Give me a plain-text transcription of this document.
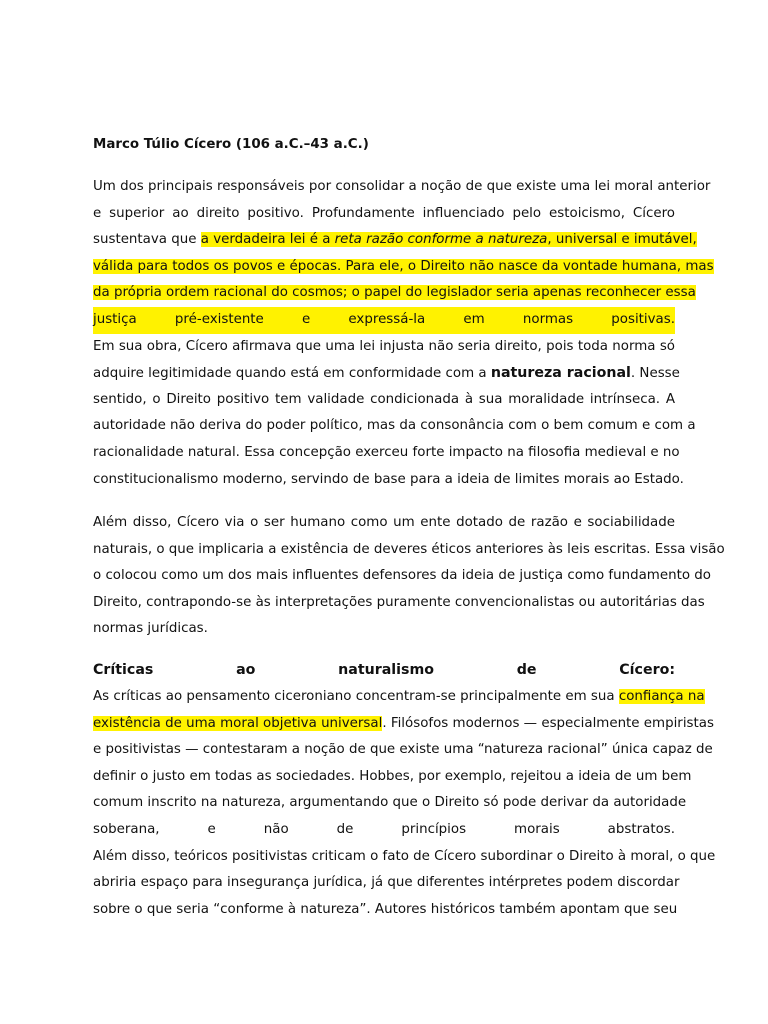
Marco Túlio Cícero (106 a.C.–43 a.C.)
Um dos principais responsáveis por consolidar a noção de que existe uma lei moral anterior
e superior ao direito positivo. Profundamente influenciado pelo estoicismo, Cícero
sustentava que a verdadeira lei é a reta razão conforme a natureza, universal e imutável,
válida para todos os povos e épocas. Para ele, o Direito não nasce da vontade humana, mas
da própria ordem racional do cosmos; o papel do legislador seria apenas reconhecer essa
justiça pré-existente e expressá-la em normas positivas.
Em sua obra, Cícero afirmava que uma lei injusta não seria direito, pois toda norma só
adquire legitimidade quando está em conformidade com a natureza racional. Nesse
sentido, o Direito positivo tem validade condicionada à sua moralidade intrínseca. A
autoridade não deriva do poder político, mas da consonância com o bem comum e com a
racionalidade natural. Essa concepção exerceu forte impacto na filosofia medieval e no
constitucionalismo moderno, servindo de base para a ideia de limites morais ao Estado.
Além disso, Cícero via o ser humano como um ente dotado de razão e sociabilidade
naturais, o que implicaria a existência de deveres éticos anteriores às leis escritas. Essa visão
o colocou como um dos mais influentes defensores da ideia de justiça como fundamento do
Direito, contrapondo-se às interpretações puramente convencionalistas ou autoritárias das
normas jurídicas.
Críticas ao naturalismo de Cícero:
As críticas ao pensamento ciceroniano concentram-se principalmente em sua confiança na
existência de uma moral objetiva universal. Filósofos modernos — especialmente empiristas
e positivistas — contestaram a noção de que existe uma “natureza racional” única capaz de
definir o justo em todas as sociedades. Hobbes, por exemplo, rejeitou a ideia de um bem
comum inscrito na natureza, argumentando que o Direito só pode derivar da autoridade
soberana, e não de princípios morais abstratos.
Além disso, teóricos positivistas criticam o fato de Cícero subordinar o Direito à moral, o que
abriria espaço para insegurança jurídica, já que diferentes intérpretes podem discordar
sobre o que seria “conforme à natureza”. Autores históricos também apontam que seu
